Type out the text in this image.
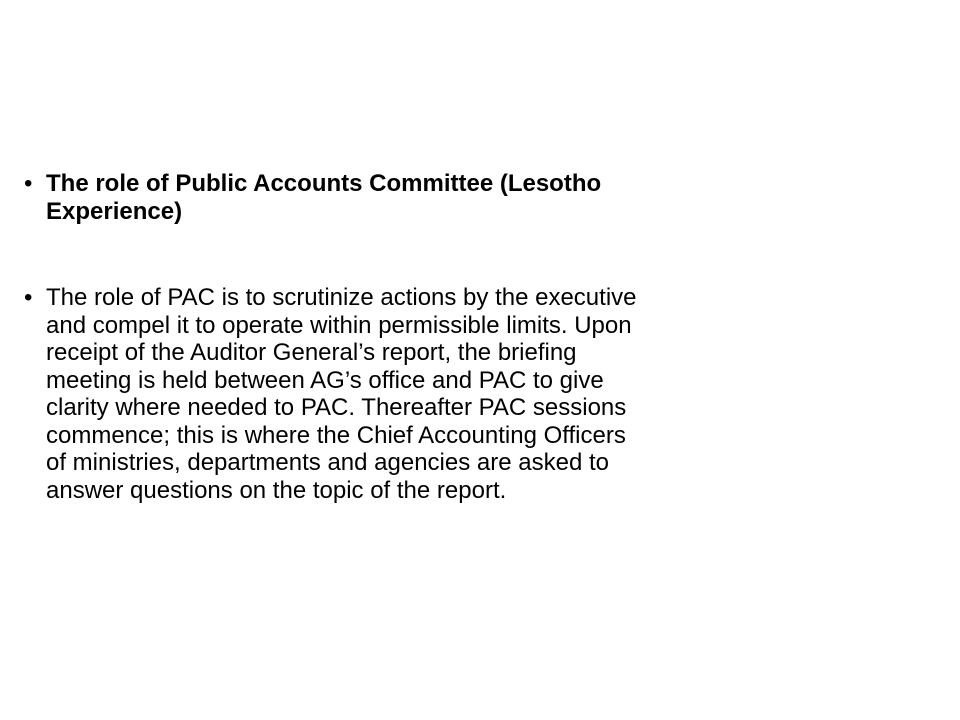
• The role of Public Accounts Committee (Lesotho
Experience)
• The role of PAC is to scrutinize actions by the executive
and compel it to operate within permissible limits. Upon
receipt of the Auditor General’s report, the briefing
meeting is held between AG’s office and PAC to give
clarity where needed to PAC. Thereafter PAC sessions
commence; this is where the Chief Accounting Officers
of ministries, departments and agencies are asked to
answer questions on the topic of the report.
